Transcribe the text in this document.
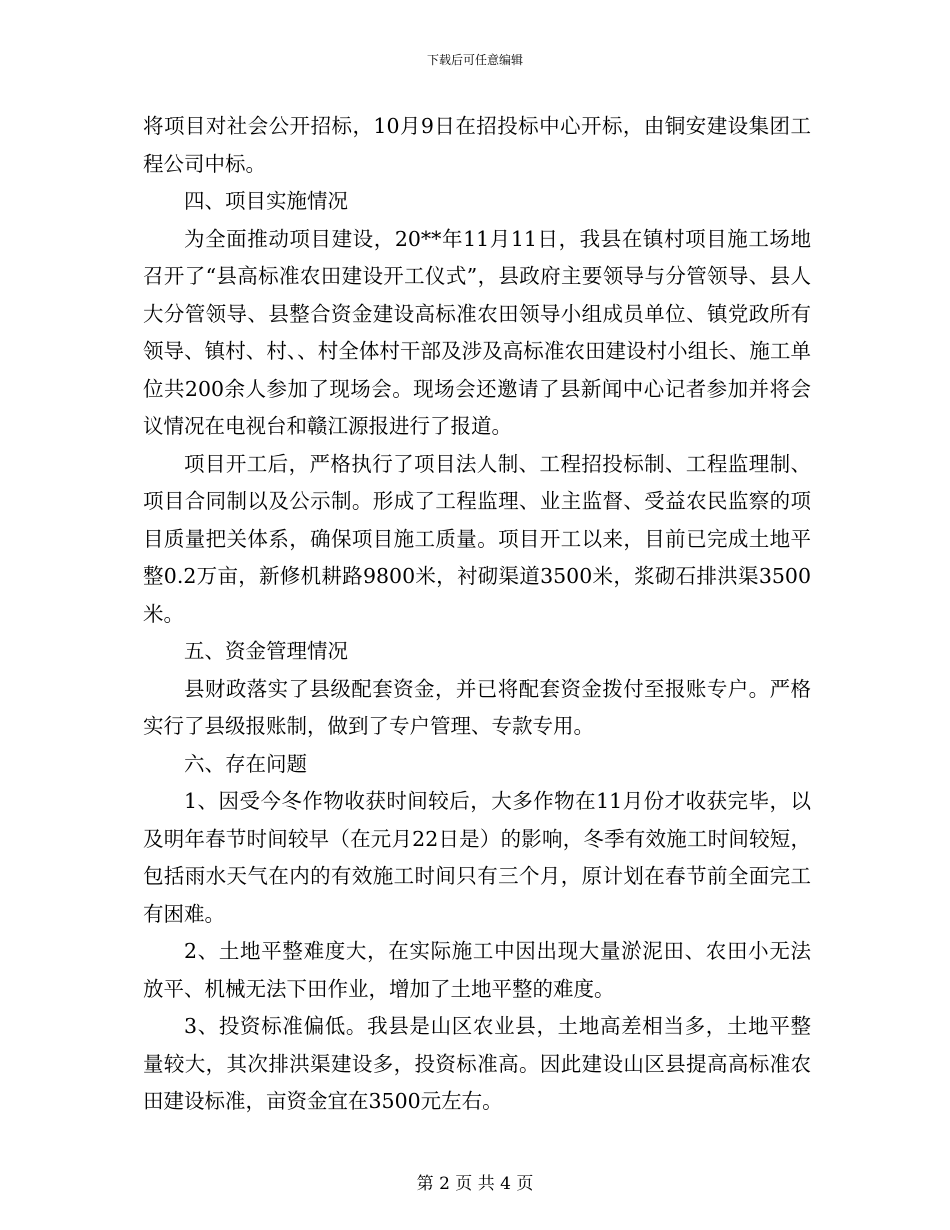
下载后可任意编辑

将项目对社会公开招标，10月9日在招投标中心开标，由铜安建设集团工程公司中标。

四、项目实施情况

为全面推动项目建设，20**年11月11日，我县在镇村项目施工场地召开了“县高标准农田建设开工仪式”，县政府主要领导与分管领导、县人大分管领导、县整合资金建设高标准农田领导小组成员单位、镇党政所有领导、镇村、村、、村全体村干部及涉及高标准农田建设村小组长、施工单位共200余人参加了现场会。现场会还邀请了县新闻中心记者参加并将会议情况在电视台和赣江源报进行了报道。

项目开工后，严格执行了项目法人制、工程招投标制、工程监理制、项目合同制以及公示制。形成了工程监理、业主监督、受益农民监察的项目质量把关体系，确保项目施工质量。项目开工以来，目前已完成土地平整0.2万亩，新修机耕路9800米，衬砌渠道3500米，浆砌石排洪渠3500米。

五、资金管理情况

县财政落实了县级配套资金，并已将配套资金拨付至报账专户。严格实行了县级报账制，做到了专户管理、专款专用。

六、存在问题

1、因受今冬作物收获时间较后，大多作物在11月份才收获完毕，以及明年春节时间较早（在元月22日是）的影响，冬季有效施工时间较短，包括雨水天气在内的有效施工时间只有三个月，原计划在春节前全面完工有困难。

2、土地平整难度大，在实际施工中因出现大量淤泥田、农田小无法放平、机械无法下田作业，增加了土地平整的难度。

3、投资标准偏低。我县是山区农业县，土地高差相当多，土地平整量较大，其次排洪渠建设多，投资标准高。因此建设山区县提高高标准农田建设标准，亩资金宜在3500元左右。

第 2 页 共 4 页
